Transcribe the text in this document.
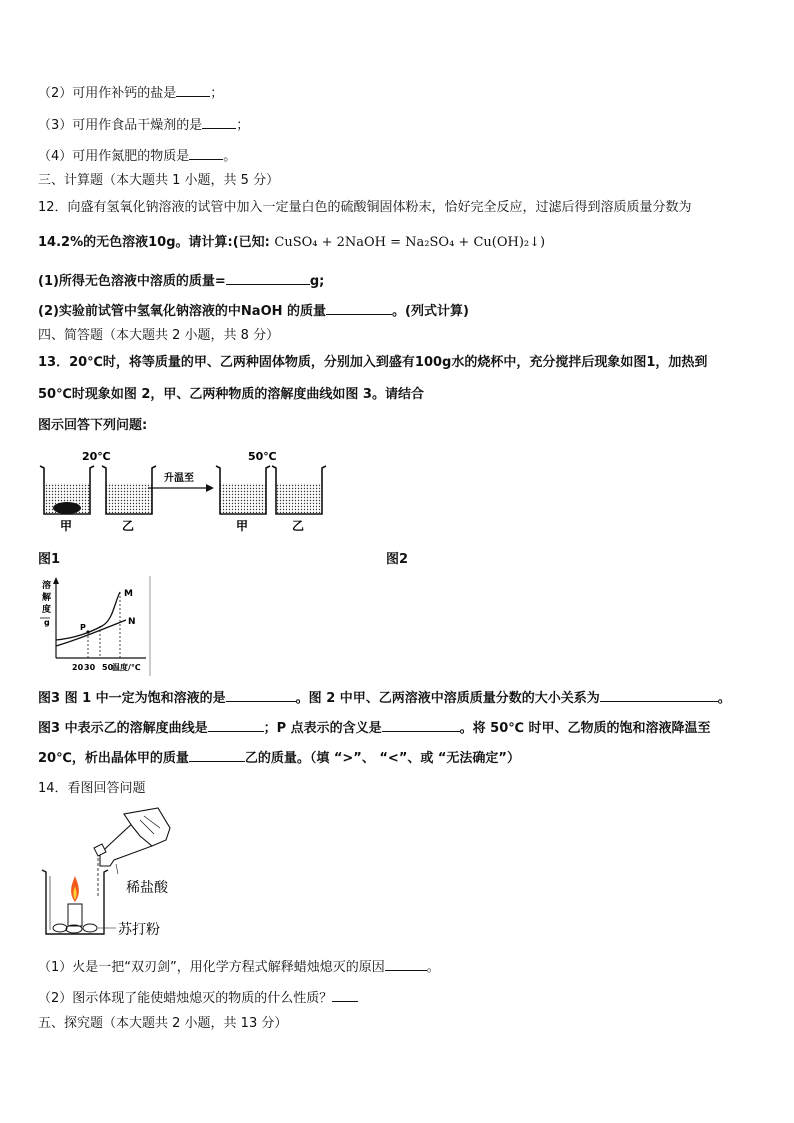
（2）可用作补钙的盐是	；
（3）可用作食品干燥剂的是	；
（4）可用作氮肥的物质是	。
三、计算题（本大题共 1 小题，共 5 分）
12．向盛有氢氧化钠溶液的试管中加入一定量白色的硫酸铜固体粉末，恰好完全反应，过滤后得到溶质质量分数为
14.2%的无色溶液10g。请计算:(已知: CuSO₄ + 2NaOH = Na₂SO₄ + Cu(OH)₂↓)
(1)所得无色溶液中溶质的质量=	g;
(2)实验前试管中氢氧化钠溶液的中NaOH 的质量	。(列式计算)
四、简答题（本大题共 2 小题，共 8 分）
13．20℃时，将等质量的甲、乙两种固体物质，分别加入到盛有100g水的烧杯中，充分搅拌后现象如图1，加热到
50℃时现象如图 2，甲、乙两种物质的溶解度曲线如图 3。请结合
图示回答下列问题:
20℃	50℃
升温至
甲	乙	甲	乙
图1	图2
溶
解
度
g
M
N
P
20 30 50
温度/℃
图3 图 1 中一定为饱和溶液的是	。图 2 中甲、乙两溶液中溶质质量分数的大小关系为	。
图3 中表示乙的溶解度曲线是	；P 点表示的含义是	。将 50℃ 时甲、乙物质的饱和溶液降温至
20℃，析出晶体甲的质量	乙的质量。（填 “>”、 “<”、或 “无法确定”）
14．看图回答问题
稀盐酸
苏打粉
（1）火是一把“双刃剑”，用化学方程式解释蜡烛熄灭的原因	。
（2）图示体现了能使蜡烛熄灭的物质的什么性质？
五、探究题（本大题共 2 小题，共 13 分）
